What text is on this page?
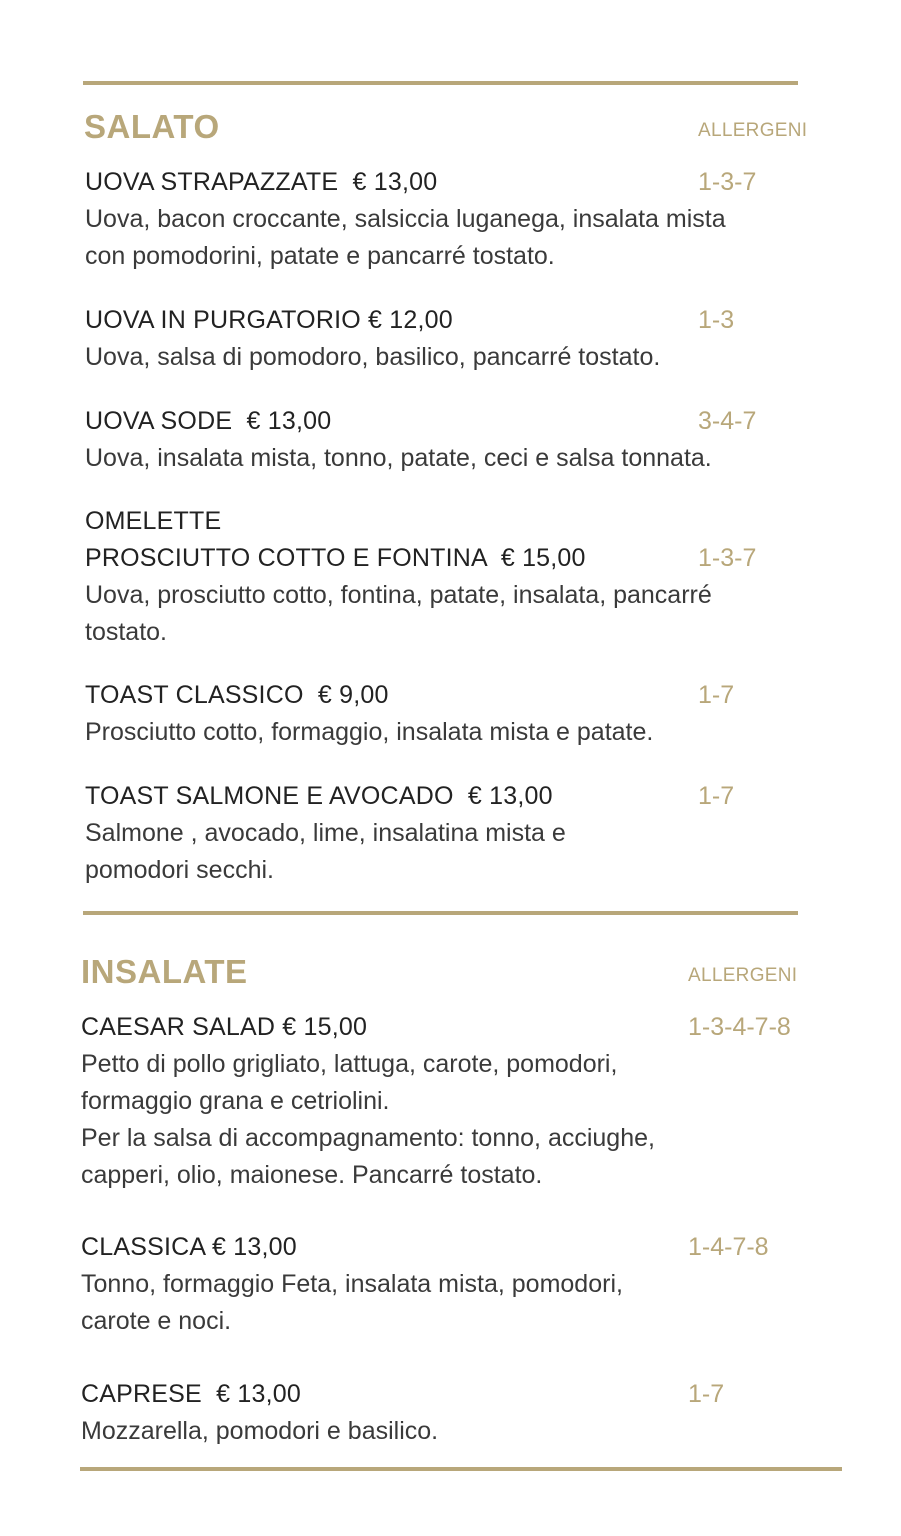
SALATO	ALLERGENI
UOVA STRAPAZZATE  € 13,00	1-3-7

Uova, bacon croccante, salsiccia luganega, insalata mista
con pomodorini, patate e pancarré tostato.

UOVA IN PURGATORIO € 12,00	1-3

Uova, salsa di pomodoro, basilico, pancarré tostato.

UOVA SODE  € 13,00	3-4-7

Uova, insalata mista, tonno, patate, ceci e salsa tonnata.

OMELETTE
PROSCIUTTO COTTO E FONTINA  € 15,00	1-3-7

Uova, prosciutto cotto, fontina, patate, insalata, pancarré
tostato.

TOAST CLASSICO  € 9,00	1-7

Prosciutto cotto, formaggio, insalata mista e patate.

TOAST SALMONE E AVOCADO  € 13,00	1-7

Salmone , avocado, lime, insalatina mista e
pomodori secchi.

INSALATE	ALLERGENI
CAESAR SALAD € 15,00	1-3-4-7-8

Petto di pollo grigliato, lattuga, carote, pomodori,
formaggio grana e cetriolini.
Per la salsa di accompagnamento: tonno, acciughe,
capperi, olio, maionese. Pancarré tostato.

CLASSICA € 13,00	1-4-7-8

Tonno, formaggio Feta, insalata mista, pomodori,
carote e noci.

CAPRESE  € 13,00	1-7

Mozzarella, pomodori e basilico.
